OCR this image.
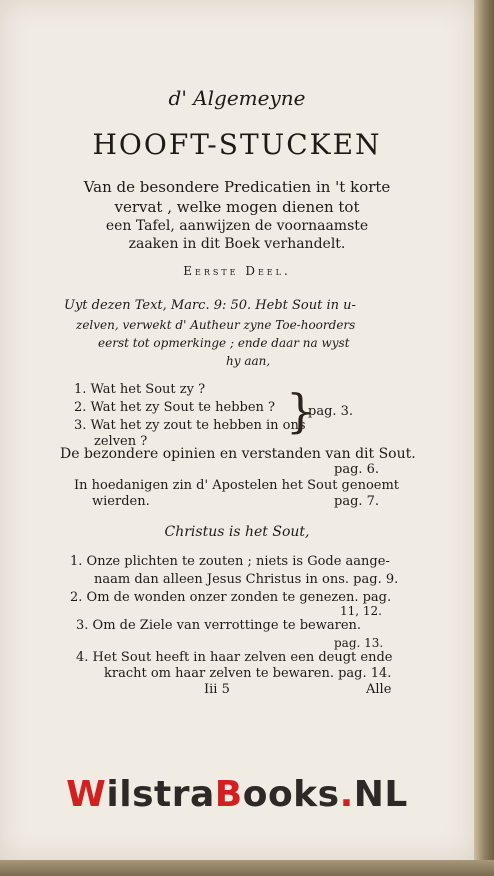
d' Algemeyne
HOOFT-STUCKEN
Van de besondere Predicatien in 't korte
vervat , welke mogen dienen tot
een Tafel, aanwijzen de voornaamste
zaaken in dit Boek verhandelt.
Eerste Deel.
Uyt dezen Text, Marc. 9: 50. Hebt Sout in u-
zelven, verwekt d' Autheur zyne Toe-hoorders
eerst tot opmerkinge ; ende daar na wyst
hy aan,
1. Wat het Sout zy ?
2. Wat het zy Sout te hebben ?
3. Wat het zy zout te hebben in ons
zelven ?
}
pag. 3.
De bezondere opinien en verstanden van dit Sout.
pag. 6.
In hoedanigen zin d' Apostelen het Sout genoemt
wierden.	pag. 7.
Christus is het Sout,
1. Onze plichten te zouten ; niets is Gode aange-
naam dan alleen Jesus Christus in ons. pag. 9.
2. Om de wonden onzer zonden te genezen. pag.
11, 12.
3. Om de Ziele van verrottinge te bewaren.
pag. 13.
4. Het Sout heeft in haar zelven een deugt ende
kracht om haar zelven te bewaren. pag. 14.
Iii 5	Alle
WilstraBooks.NL
